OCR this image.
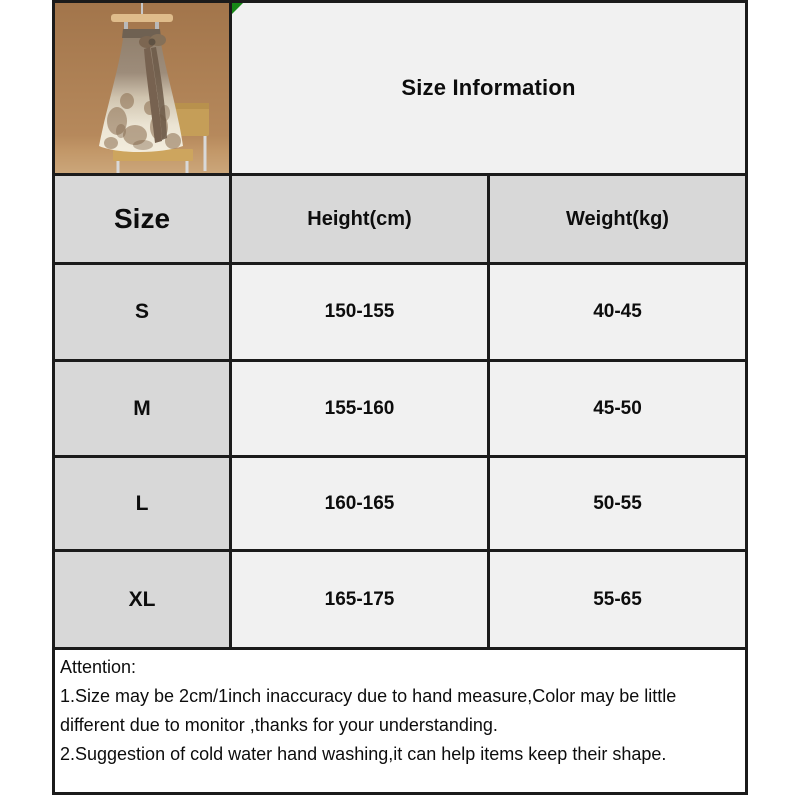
Size Information
Size	Height(cm)	Weight(kg)
S	150-155	40-45
M	155-160	45-50
L	160-165	50-55
XL	165-175	55-65
Attention:
1.Size may be 2cm/1inch inaccuracy due to hand measure,Color may be little
different due to monitor ,thanks for your understanding.
2.Suggestion of cold water hand washing,it can help items keep their shape.
